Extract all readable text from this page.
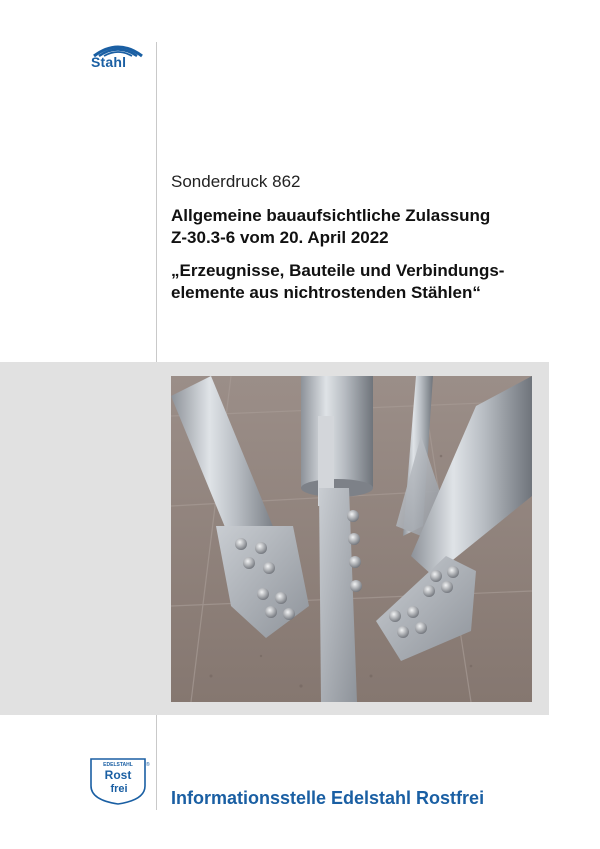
Stahl

Sonderdruck 862

Allgemeine bauaufsichtliche Zulassung
Z-30.3-6 vom 20. April 2022

„Erzeugnisse, Bauteile und Verbindungs-
elemente aus nichtrostenden Stählen“

EDELSTAHL
Rost
frei
®
Informationsstelle Edelstahl Rostfrei
